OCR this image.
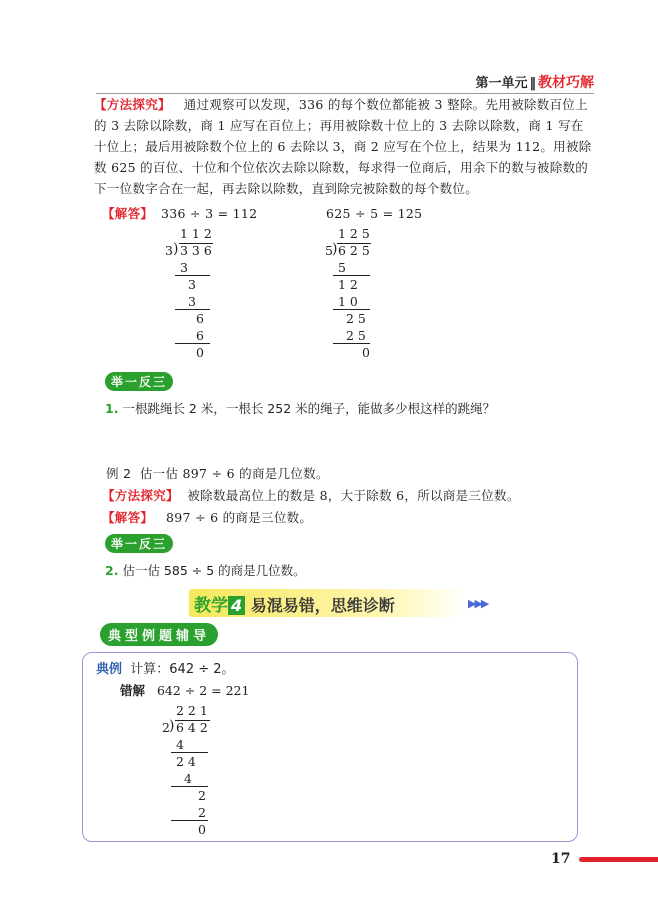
第一单元 ‖ 教材巧解
【方法探究】 通过观察可以发现，336 的每个数位都能被 3 整除。先用被除数百位上的 3 去除以除数，商 1 应写在百位上；再用被除数十位上的 3 去除以除数，商 1 写在十位上；最后用被除数个位上的 6 去除以 3，商 2 应写在个位上，结果为 112。用被除数 625 的百位、十位和个位依次去除以除数，每求得一位商后，用余下的数与被除数的下一位数字合在一起，再去除以除数，直到除完被除数的每个数位。
【解答】 336 ÷ 3 = 112	625 ÷ 5 = 125
1 1 2
3 ) 3 3 6
3
3
3
6
6
0
1 2 5
5 ) 6 2 5
5
1 2
1 0
2 5
2 5
0
举一反三
1. 一根跳绳长 2 米，一根长 252 米的绳子，能做多少根这样的跳绳？
例 2 估一估 897 ÷ 6 的商是几位数。
【方法探究】 被除数最高位上的数是 8，大于除数 6，所以商是三位数。
【解答】 897 ÷ 6 的商是三位数。
举一反三
2. 估一估 585 ÷ 5 的商是几位数。
教学 4 易混易错，思维诊断	▶▶▶
典型例题辅导
典例 计算：642 ÷ 2。
错解 642 ÷ 2 = 221
2 2 1
2 ) 6 4 2
4
2 4
4
2
2
0
17
